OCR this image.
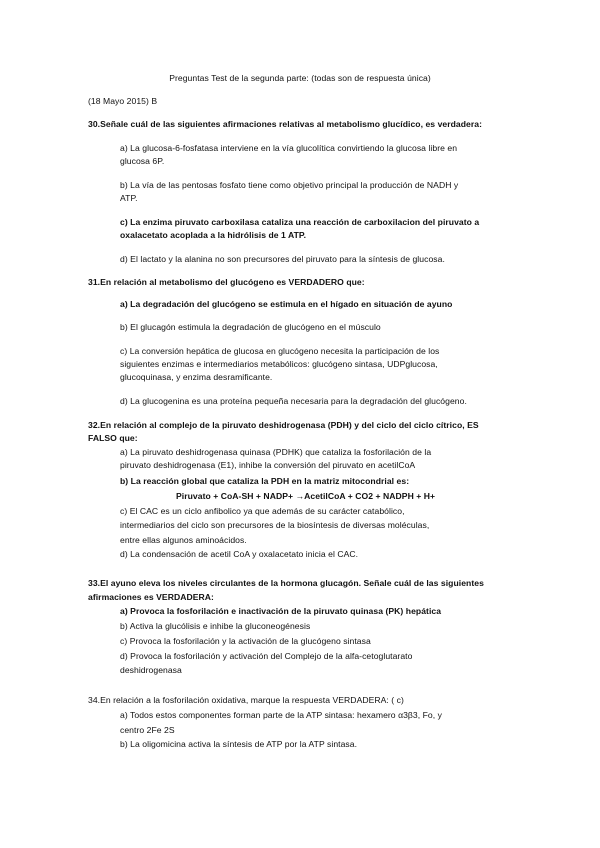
Preguntas Test de la segunda parte: (todas son de respuesta única)
(18 Mayo 2015) B
30.Señale cuál de las siguientes afirmaciones relativas al metabolismo glucídico, es verdadera:
a) La glucosa-6-fosfatasa interviene en la vía glucolítica convirtiendo la glucosa libre en
glucosa 6P.
b) La vía de las pentosas fosfato tiene como objetivo principal la producción de NADH y
ATP.
c) La enzima piruvato carboxilasa cataliza una reacción de carboxilacion del piruvato a
oxalacetato acoplada a la hidrólisis de 1 ATP.
d) El lactato y la alanina no son precursores del piruvato para la síntesis de glucosa.
31.En relación al metabolismo del glucógeno es VERDADERO que:
a) La degradación del glucógeno se estimula en el hígado en situación de ayuno
b) El glucagón estimula la degradación de glucógeno en el músculo
c) La conversión hepática de glucosa en glucógeno necesita la participación de los
siguientes enzimas e intermediarios metabólicos: glucógeno sintasa, UDPglucosa,
glucoquinasa, y enzima desramificante.
d) La glucogenina es una proteína pequeña necesaria para la degradación del glucógeno.
32.En relación al complejo de la piruvato deshidrogenasa (PDH) y del ciclo del ciclo cítrico, ES
FALSO que:
a) La piruvato deshidrogenasa quinasa (PDHK) que cataliza la fosforilación de la
piruvato deshidrogenasa (E1), inhibe la conversión del piruvato en acetilCoA
b) La reacción global que cataliza la PDH en la matriz mitocondrial es:
Piruvato + CoA-SH + NADP+ →AcetilCoA + CO2 + NADPH + H+
c) El CAC es un ciclo anfibolico ya que además de su carácter catabólico,
intermediarios del ciclo son precursores de la biosíntesis de diversas moléculas,
entre ellas algunos aminoácidos.
d) La condensación de acetil CoA y oxalacetato inicia el CAC.
33.El ayuno eleva los niveles circulantes de la hormona glucagón. Señale cuál de las siguientes
afirmaciones es VERDADERA:
a) Provoca la fosforilación e inactivación de la piruvato quinasa (PK) hepática
b) Activa la glucólisis e inhibe la gluconeogénesis
c) Provoca la fosforilación y la activación de la glucógeno sintasa
d) Provoca la fosforilación y activación del Complejo de la alfa-cetoglutarato
deshidrogenasa
34.En relación a la fosforilación oxidativa, marque la respuesta VERDADERA: ( c)
a) Todos estos componentes forman parte de la ATP sintasa: hexamero α3β3, Fo, y
centro 2Fe 2S
b) La oligomicina activa la síntesis de ATP por la ATP sintasa.
